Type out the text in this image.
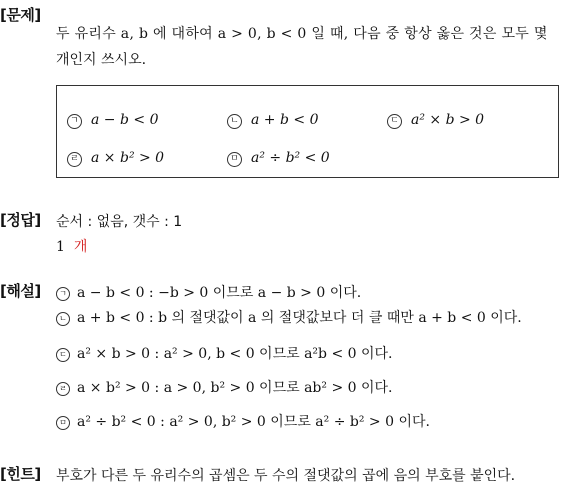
[문제]
두 유리수 a, b 에 대하여 a > 0, b < 0 일 때, 다음 중 항상 옳은 것은 모두 몇
개인지 쓰시오.
ㄱ a − b < 0	ㄴ a + b < 0	ㄷ a² × b > 0
ㄹ a × b² > 0	ㅁ a² ÷ b² < 0
[정답] 순서 : 없음, 갯수 : 1
1 개
[해설]	ㄱ a − b < 0 : −b > 0 이므로 a − b > 0 이다.
ㄴ a + b < 0 : b 의 절댓값이 a 의 절댓값보다 더 클 때만 a + b < 0 이다.
ㄷ a² × b > 0 : a² > 0, b < 0 이므로 a²b < 0 이다.
ㄹ a × b² > 0 : a > 0, b² > 0 이므로 ab² > 0 이다.
ㅁ a² ÷ b² < 0 : a² > 0, b² > 0 이므로 a² ÷ b² > 0 이다.
[힌트] 부호가 다른 두 유리수의 곱셈은 두 수의 절댓값의 곱에 음의 부호를 붙인다.
